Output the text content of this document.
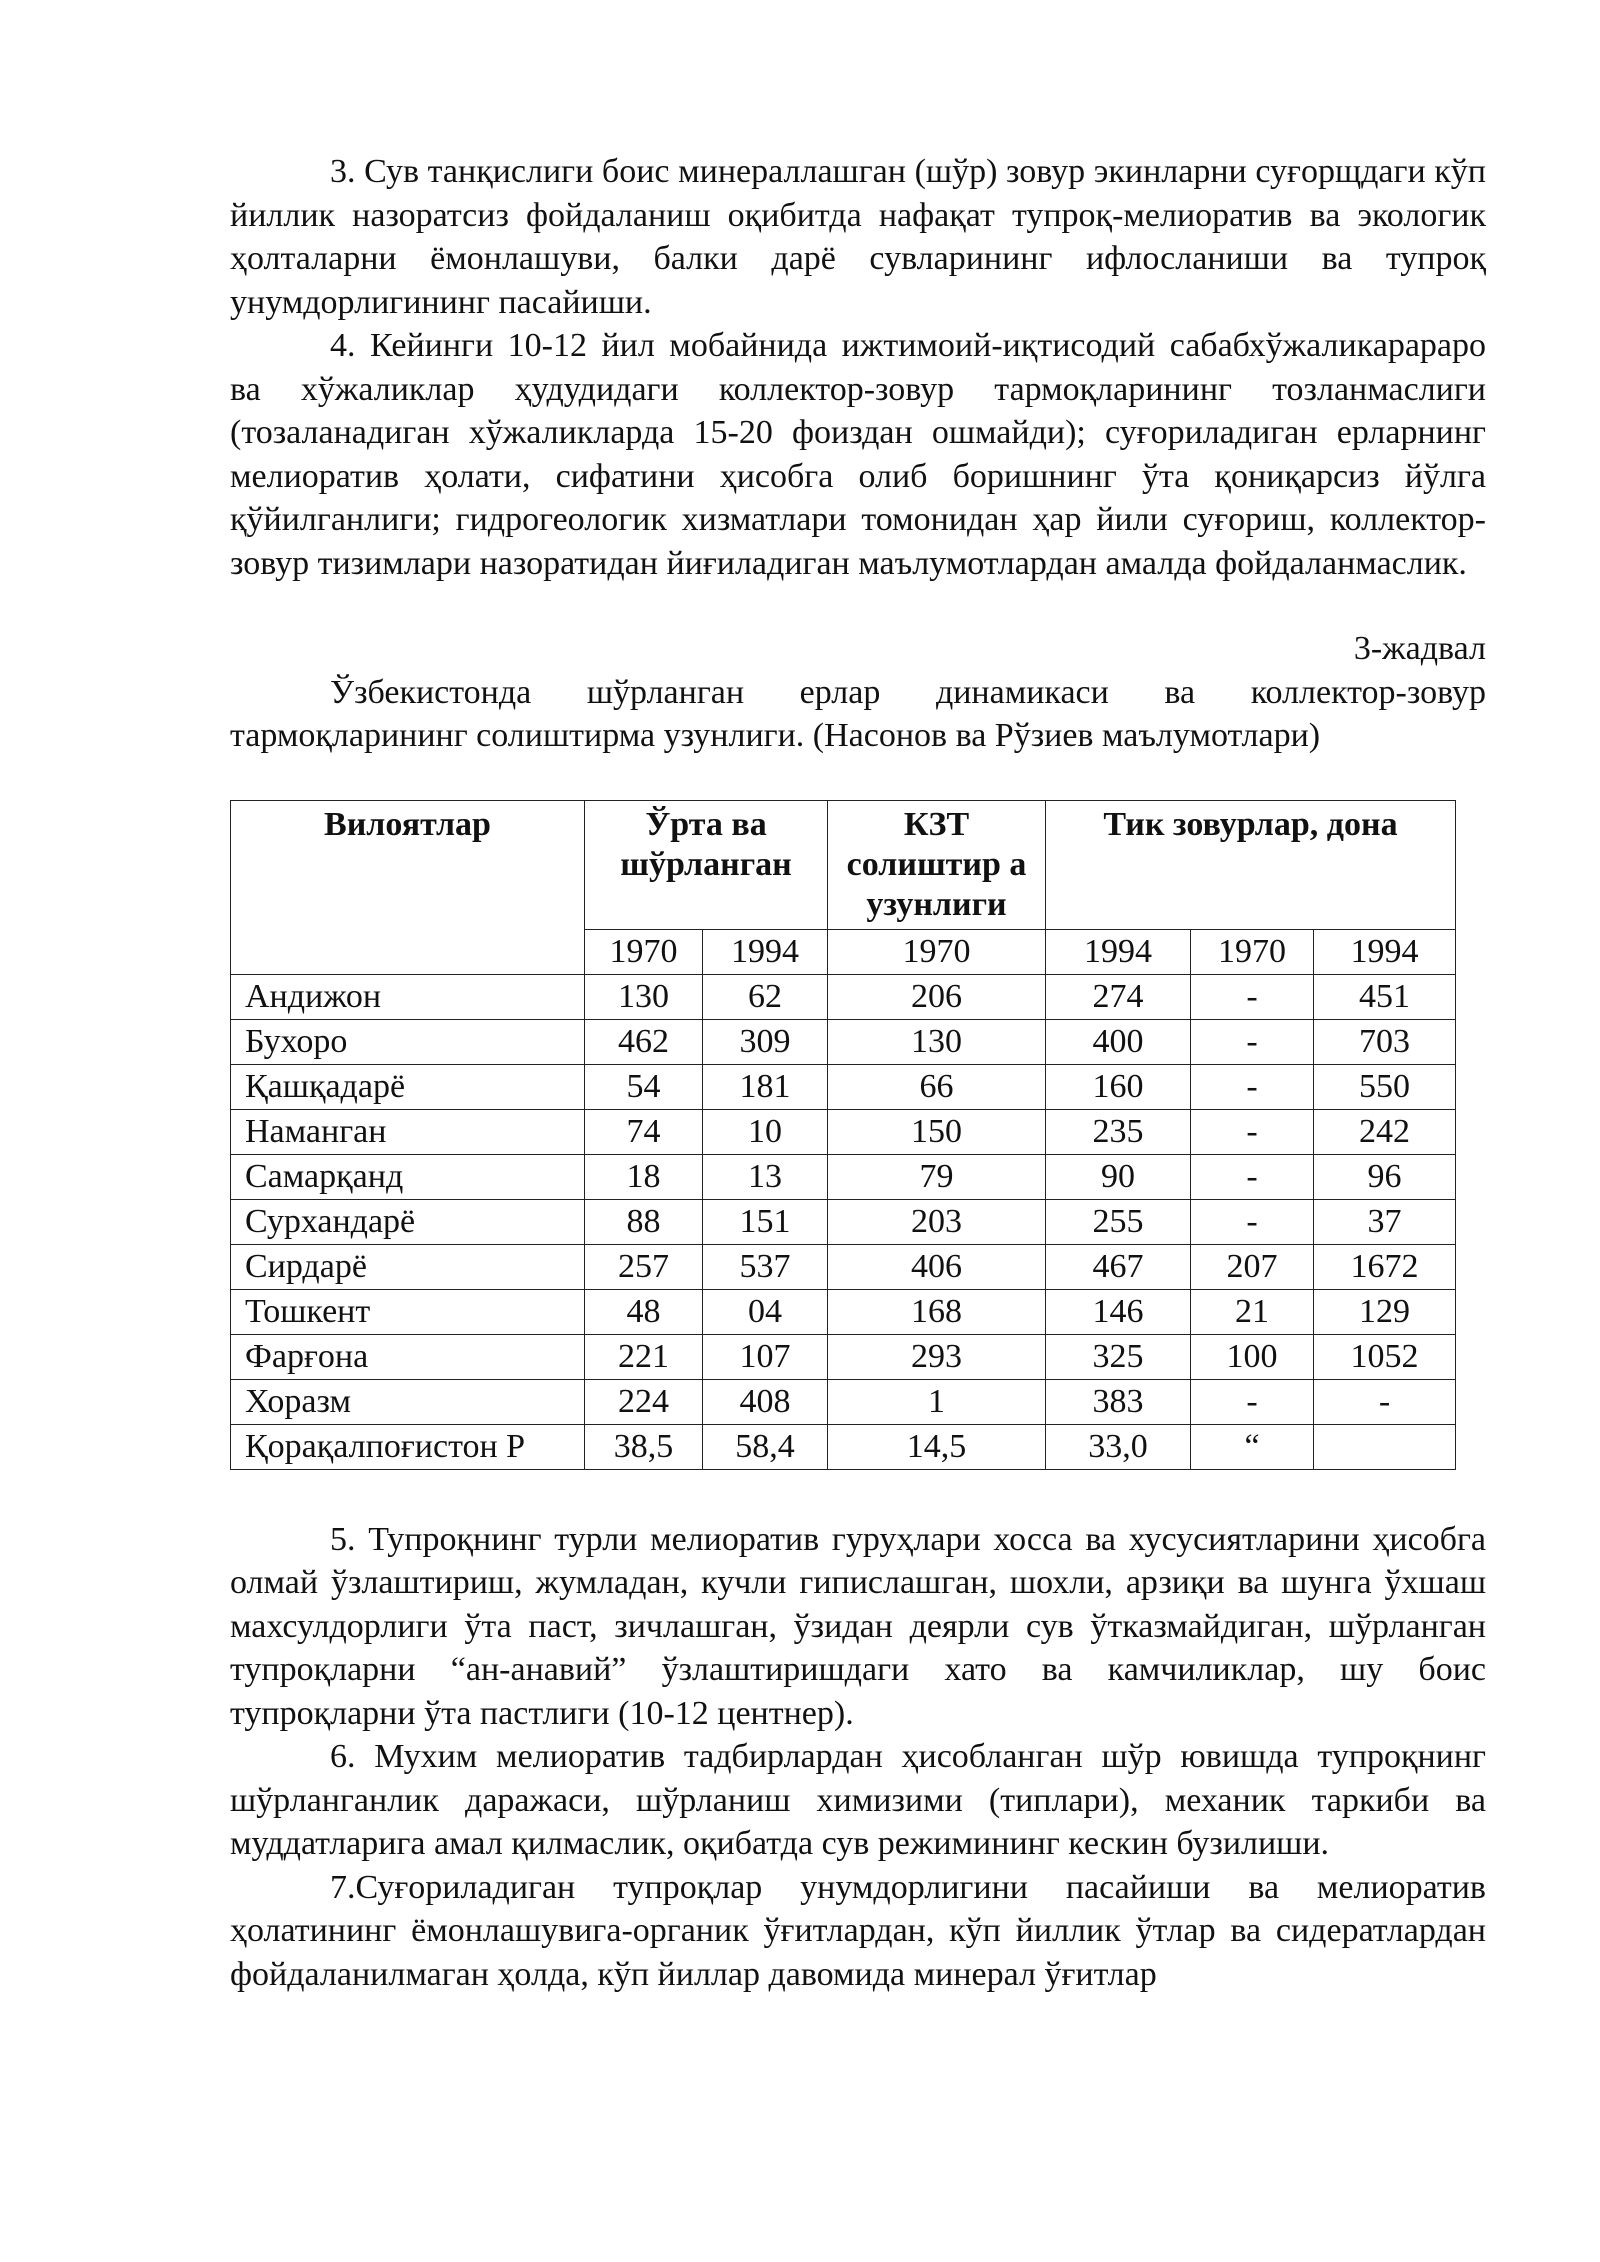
3. Сув танқислиги боис минераллашган (шўр) зовур экинларни суғорщдаги кўп йиллик назоратсиз фойдаланиш оқибитда нафақат тупроқ-мелиоратив ва экологик ҳолталарни ёмонлашуви, балки дарё сувларининг ифлосланиши ва тупроқ унумдорлигининг пасайиши.

4. Кейинги 10-12 йил мобайнида ижтимоий-иқтисодий сабабхўжаликарараро ва хўжаликлар ҳудудидаги коллектор-зовур тармоқларининг тозланмаслиги (тозаланадиган хўжаликларда 15-20 фоиздан ошмайди); суғориладиган ерларнинг мелиоратив ҳолати, сифатини ҳисобга олиб боришнинг ўта қониқарсиз йўлга қўйилганлиги; гидрогеологик хизматлари томонидан ҳар йили суғориш, коллектор-зовур тизимлари назоратидан йиғиладиган маълумотлардан амалда фойдаланмаслик.

3-жадвал

Ўзбекистонда шўрланган ерлар динамикаси ва коллектор-зовур тармоқларининг солиштирма узунлиги. (Насонов ва Рўзиев маълумотлари)

Вилоятлар	Ўрта ва шўрланган		КЗТ солиштир а узунлиги	Тик зовурлар, дона		
	1970	1994	1970	1994	1970	1994
Андижон	130	62	206	274	-	451
Бухоро	462	309	130	400	-	703
Қашқадарё	54	181	66	160	-	550
Наманган	74	10	150	235	-	242
Самарқанд	18	13	79	90	-	96
Сурхандарё	88	151	203	255	-	37
Сирдарё	257	537	406	467	207	1672
Тошкент	48	04	168	146	21	129
Фарғона	221	107	293	325	100	1052
Хоразм	224	408	1	383	-	-
Қорақалпоғистон Р	38,5	58,4	14,5	33,0	“	

5. Тупроқнинг турли мелиоратив гуруҳлари хосса ва хусусиятларини ҳисобга олмай ўзлаштириш, жумладан, кучли гипислашган, шохли, арзиқи ва шунга ўхшаш махсулдорлиги ўта паст, зичлашган, ўзидан деярли сув ўтказмайдиган, шўрланган тупроқларни “ан-анавий” ўзлаштиришдаги хато ва камчиликлар, шу боис тупроқларни ўта пастлиги (10-12 центнер).

6. Мухим мелиоратив тадбирлардан ҳисобланган шўр ювишда тупроқнинг шўрланганлик даражаси, шўрланиш химизими (типлари), механик таркиби ва муддатларига амал қилмаслик, оқибатда сув режимининг кескин бузилиши.

7.Суғориладиган тупроқлар унумдорлигини пасайиши ва мелиоратив ҳолатининг ёмонлашувига-органик ўғитлардан, кўп йиллик ўтлар ва сидератлардан фойдаланилмаган ҳолда, кўп йиллар давомида минерал ўғитлар
